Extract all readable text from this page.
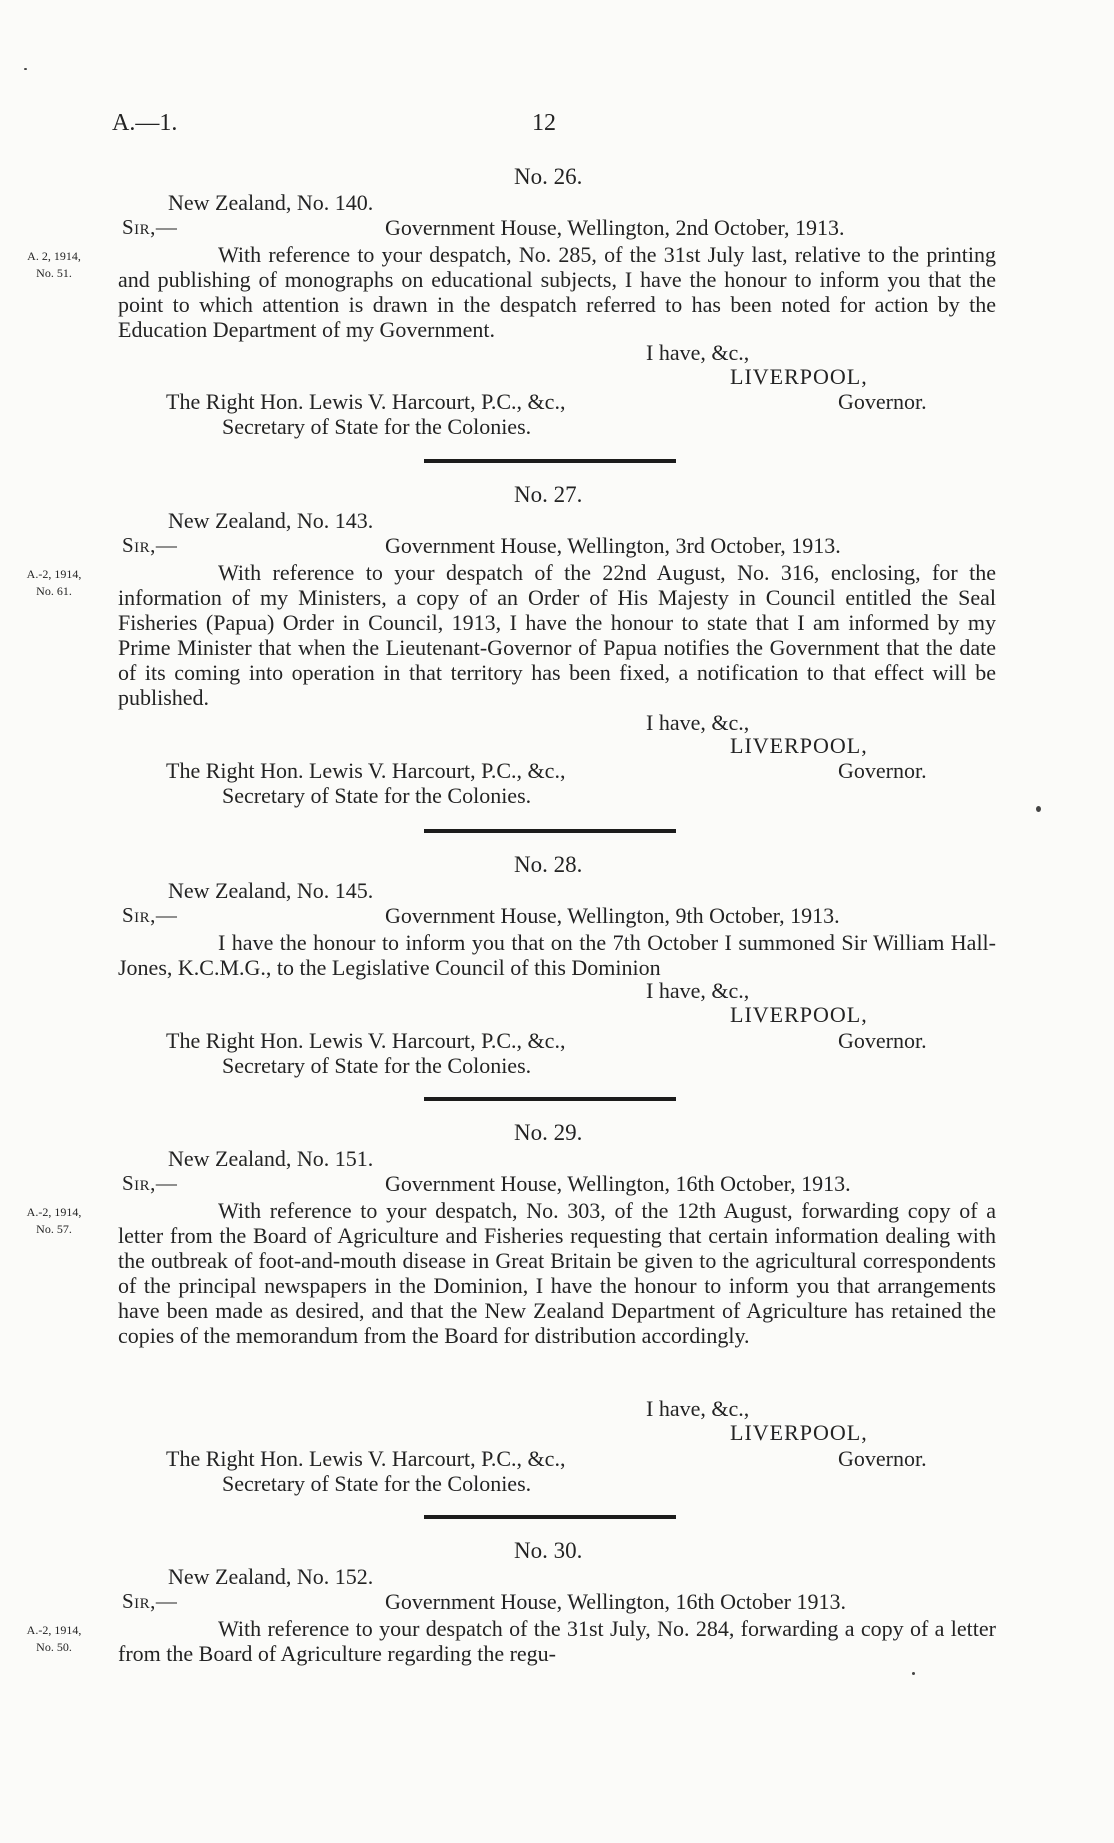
A.—1.	12
No. 26.
New Zealand, No. 140.
Sir,—	Government House, Wellington, 2nd October, 1913.
A. 2, 1914,
No. 51.
With reference to your despatch, No. 285, of the 31st July last, relative to the printing and publishing of monographs on educational subjects, I have the honour to inform you that the point to which attention is drawn in the despatch referred to has been noted for action by the Education Department of my Government.
I have, &c.,
LIVERPOOL,
The Right Hon. Lewis V. Harcourt, P.C., &c.,	Governor.
Secretary of State for the Colonies.
No. 27.
New Zealand, No. 143.
Sir,—	Government House, Wellington, 3rd October, 1913.
A.-2, 1914,
No. 61.
With reference to your despatch of the 22nd August, No. 316, enclosing, for the information of my Ministers, a copy of an Order of His Majesty in Council entitled the Seal Fisheries (Papua) Order in Council, 1913, I have the honour to state that I am informed by my Prime Minister that when the Lieutenant-Governor of Papua notifies the Government that the date of its coming into operation in that territory has been fixed, a notification to that effect will be published.
I have, &c.,
LIVERPOOL,
The Right Hon. Lewis V. Harcourt, P.C., &c.,	Governor.
Secretary of State for the Colonies.
No. 28.
New Zealand, No. 145.
Sir,—	Government House, Wellington, 9th October, 1913.
I have the honour to inform you that on the 7th October I summoned Sir William Hall-Jones, K.C.M.G., to the Legislative Council of this Dominion
I have, &c.,
LIVERPOOL,
The Right Hon. Lewis V. Harcourt, P.C., &c.,	Governor.
Secretary of State for the Colonies.
No. 29.
New Zealand, No. 151.
Sir,—	Government House, Wellington, 16th October, 1913.
A.-2, 1914,
No. 57.
With reference to your despatch, No. 303, of the 12th August, forwarding copy of a letter from the Board of Agriculture and Fisheries requesting that certain information dealing with the outbreak of foot-and-mouth disease in Great Britain be given to the agricultural correspondents of the principal newspapers in the Dominion, I have the honour to inform you that arrangements have been made as desired, and that the New Zealand Department of Agriculture has retained the copies of the memorandum from the Board for distribution accordingly.
I have, &c.,
LIVERPOOL,
The Right Hon. Lewis V. Harcourt, P.C., &c.,	Governor.
Secretary of State for the Colonies.
No. 30.
New Zealand, No. 152.
Sir,—	Government House, Wellington, 16th October 1913.
A.-2, 1914,
No. 50.
With reference to your despatch of the 31st July, No. 284, forwarding a copy of a letter from the Board of Agriculture regarding the regu-
